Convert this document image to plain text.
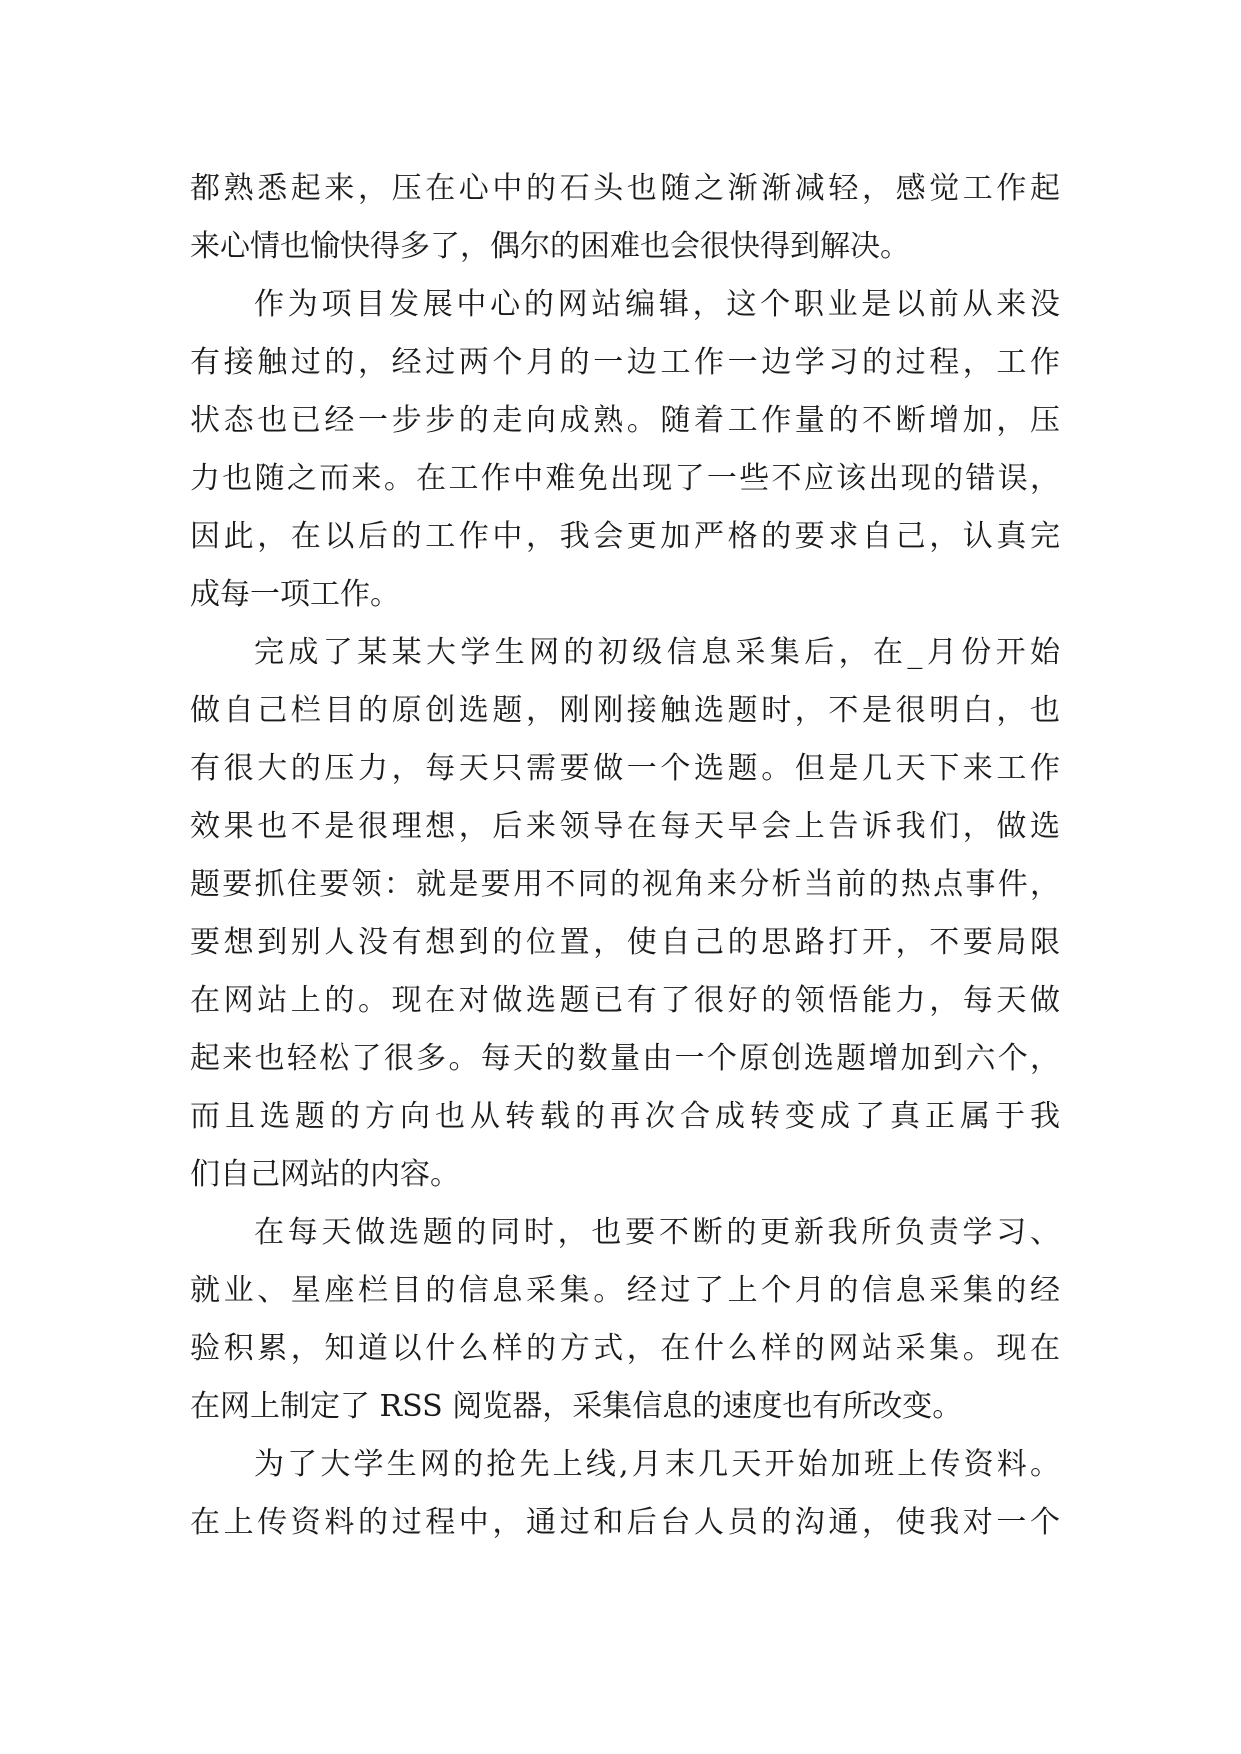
都熟悉起来，压在心中的石头也随之渐渐减轻，感觉工作起
来心情也愉快得多了，偶尔的困难也会很快得到解决。
作为项目发展中心的网站编辑，这个职业是以前从来没
有接触过的，经过两个月的一边工作一边学习的过程，工作
状态也已经一步步的走向成熟。随着工作量的不断增加，压
力也随之而来。在工作中难免出现了一些不应该出现的错误，
因此，在以后的工作中，我会更加严格的要求自己，认真完
成每一项工作。
完成了某某大学生网的初级信息采集后，在_月份开始
做自己栏目的原创选题，刚刚接触选题时，不是很明白，也
有很大的压力，每天只需要做一个选题。但是几天下来工作
效果也不是很理想，后来领导在每天早会上告诉我们，做选
题要抓住要领：就是要用不同的视角来分析当前的热点事件，
要想到别人没有想到的位置，使自己的思路打开，不要局限
在网站上的。现在对做选题已有了很好的领悟能力，每天做
起来也轻松了很多。每天的数量由一个原创选题增加到六个，
而且选题的方向也从转载的再次合成转变成了真正属于我
们自己网站的内容。
在每天做选题的同时，也要不断的更新我所负责学习、
就业、星座栏目的信息采集。经过了上个月的信息采集的经
验积累，知道以什么样的方式，在什么样的网站采集。现在
在网上制定了 RSS 阅览器，采集信息的速度也有所改变。
为了大学生网的抢先上线,月末几天开始加班上传资料。
在上传资料的过程中，通过和后台人员的沟通，使我对一个
